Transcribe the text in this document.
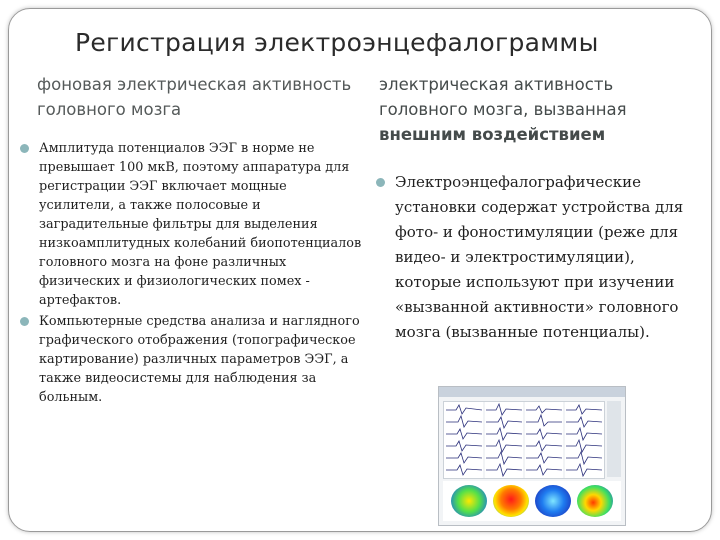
Регистрация электроэнцефалограммы
фоновая электрическая активность головного мозга
электрическая активность
головного мозга, вызванная
внешним воздействием
Амплитуда потенциалов ЭЭГ в норме не превышает 100 мкВ, поэтому аппаратура для регистрации ЭЭГ включает мощные усилители, а также полосовые и заградительные фильтры для выделения низкоамплитудных колебаний биопотенциалов головного мозга на фоне различных физических и физиологических помех - артефактов.
Компьютерные средства анализа и наглядного графического отображения (топографическое картирование) различных параметров ЭЭГ, а также видеосистемы для наблюдения за больным.
Электроэнцефалографические установки содержат устройства для фото- и фоностимуляции (реже для видео- и электростимуляции), которые используют при изучении «вызванной активности» головного мозга (вызванные потенциалы).
